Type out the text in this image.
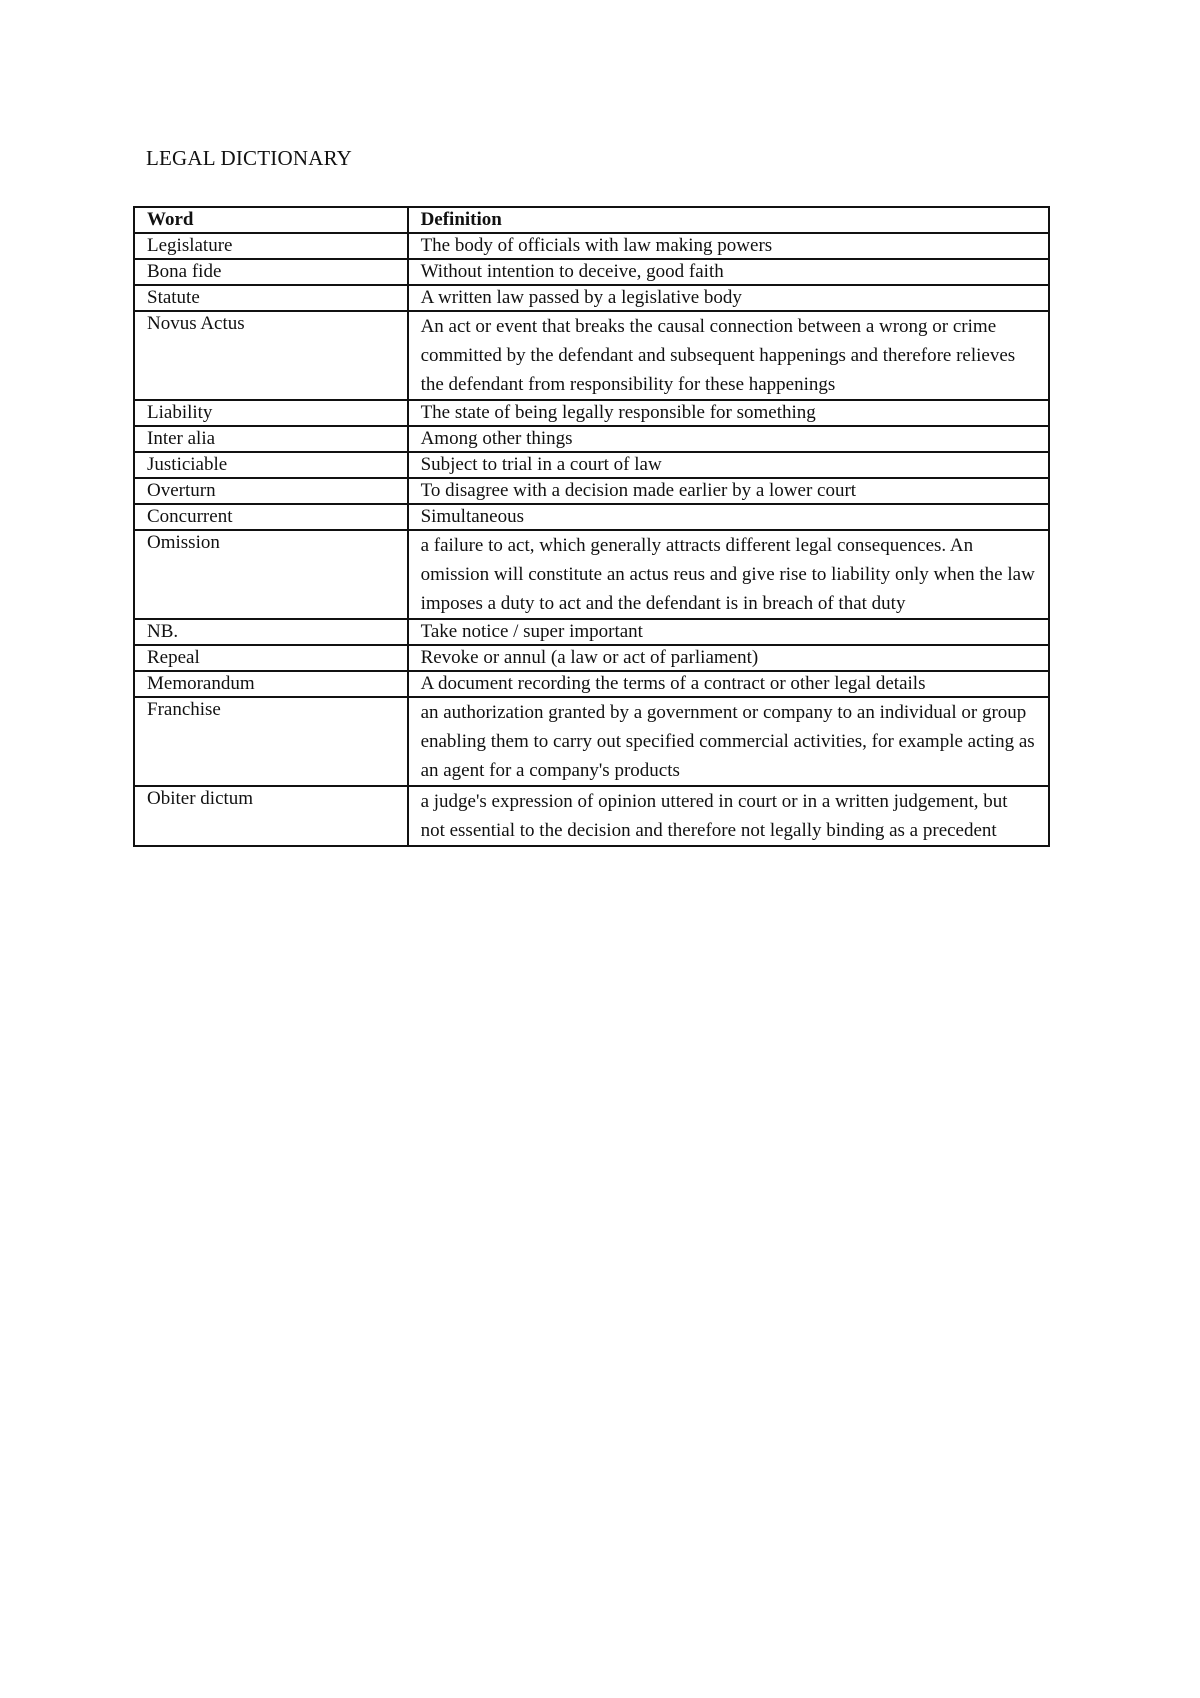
LEGAL DICTIONARY
Word	Definition
Legislature	The body of officials with law making powers
Bona fide	Without intention to deceive, good faith
Statute	A written law passed by a legislative body
Novus Actus	An act or event that breaks the causal connection between a wrong or crime committed by the defendant and subsequent happenings and therefore relieves the defendant from responsibility for these happenings
Liability	The state of being legally responsible for something
Inter alia	Among other things
Justiciable	Subject to trial in a court of law
Overturn	To disagree with a decision made earlier by a lower court
Concurrent	Simultaneous
Omission	a failure to act, which generally attracts different legal consequences. An omission will constitute an actus reus and give rise to liability only when the law imposes a duty to act and the defendant is in breach of that duty
NB.	Take notice / super important
Repeal	Revoke or annul (a law or act of parliament)
Memorandum	A document recording the terms of a contract or other legal details
Franchise	an authorization granted by a government or company to an individual or group enabling them to carry out specified commercial activities, for example acting as an agent for a company's products
Obiter dictum	a judge's expression of opinion uttered in court or in a written judgement, but not essential to the decision and therefore not legally binding as a precedent
